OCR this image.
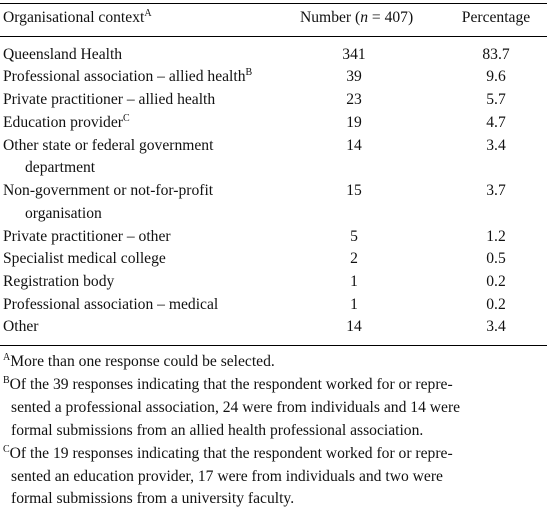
Organisational context$^A$	Number (n = 407)	Percentage
Queensland Health	341	83.7
Professional association – allied health$^B$	39	9.6
Private practitioner – allied health	23	5.7
Education provider$^C$	19	4.7
Other state or federal government
department
14	3.4
Non-government or not-for-profit
organisation
15	3.7
Private practitioner – other	5	1.2
Specialist medical college	2	0.5
Registration body	1	0.2
Professional association – medical	1	0.2
Other	14	3.4
$^A$More than one response could be selected.
$^B$Of the 39 responses indicating that the respondent worked for or repre-
sented a professional association, 24 were from individuals and 14 were
formal submissions from an allied health professional association.
$^C$Of the 19 responses indicating that the respondent worked for or repre-
sented an education provider, 17 were from individuals and two were
formal submissions from a university faculty.
